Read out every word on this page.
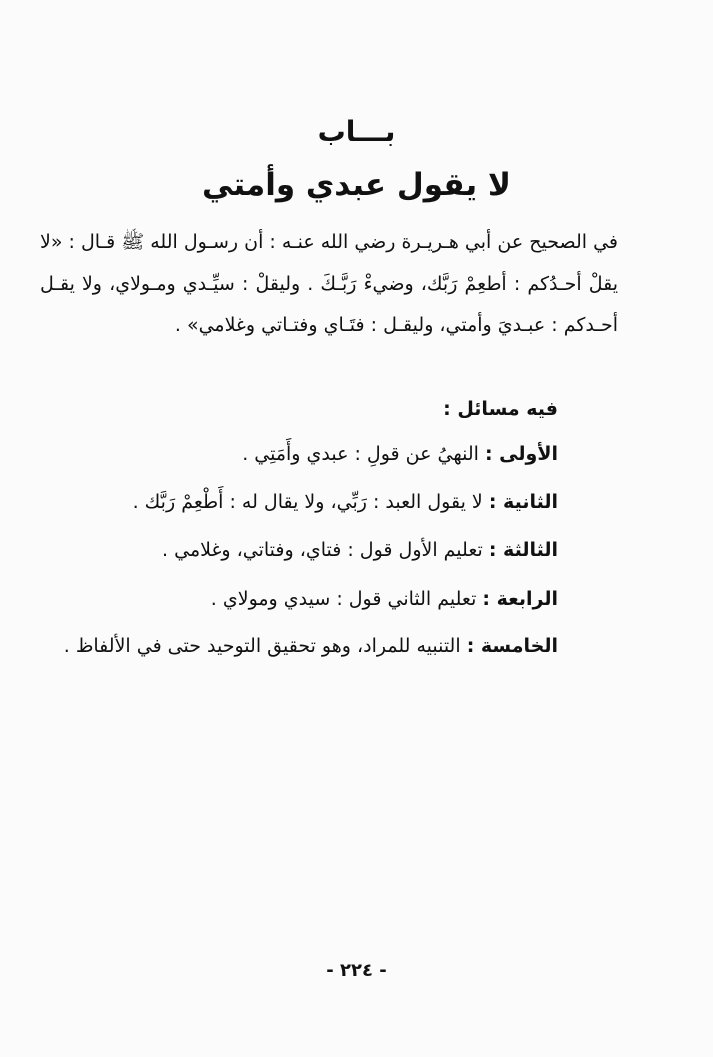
بـــاب
لا يقول عبدي وأمتي

في الصحيح عن أبي هـريـرة رضي الله عنـه : أن رسـول الله ﷺ قـال : «لا يقلْ أحـدُكم : أطعِمْ رَبَّك، وضيءْ رَبَّـكَ . وليقلْ : سيِّـدي ومـولاي، ولا يقـل أحـدكم : عبـديَ وأمتي، وليقـل : فتَـاي وفتـاتي وغلامي» .

فيه مسائل :

الأولى : النهيُ عن قولِ : عبدي وأَمَتِي .

الثانية : لا يقول العبد : رَبِّي، ولا يقال له : أَطْعِمْ رَبَّك .

الثالثة : تعليم الأول قول : فتاي، وفتاتي، وغلامي .

الرابعة : تعليم الثاني قول : سيدي ومولاي .

الخامسة : التنبيه للمراد، وهو تحقيق التوحيد حتى في الألفاظ .

- ٢٢٤ -
